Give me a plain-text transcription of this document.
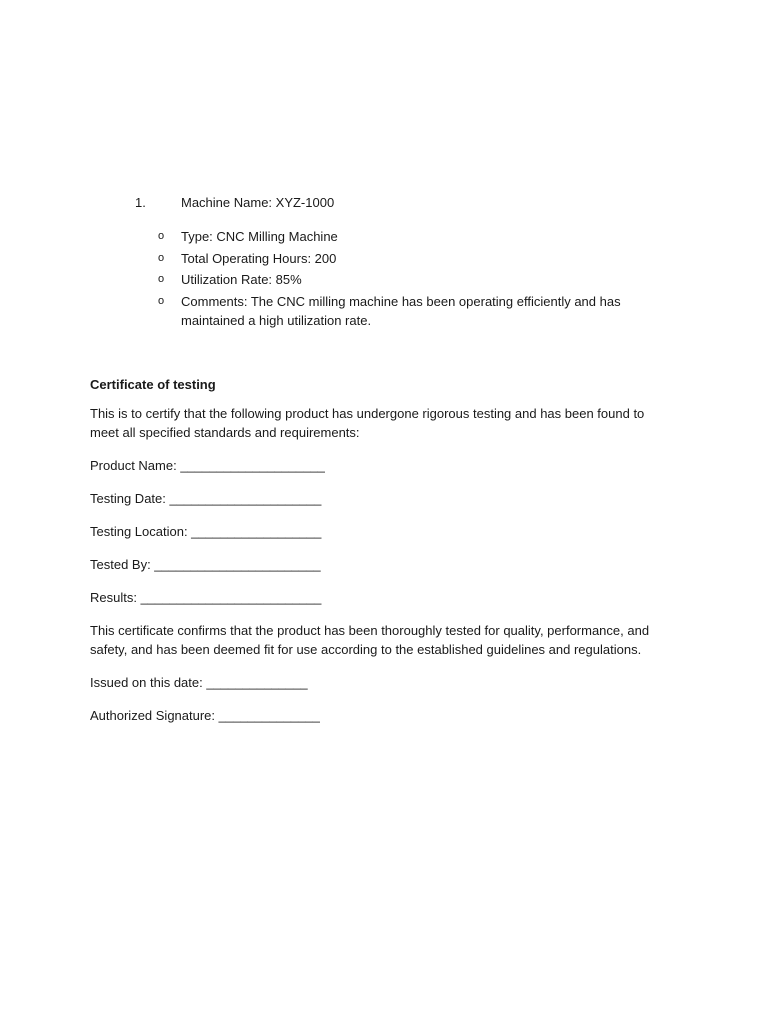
1.	Machine Name: XYZ-1000
o Type: CNC Milling Machine
o Total Operating Hours: 200
o Utilization Rate: 85%
o Comments: The CNC milling machine has been operating efficiently and has maintained a high utilization rate.
Certificate of testing
This is to certify that the following product has undergone rigorous testing and has been found to meet all specified standards and requirements:
Product Name: ____________________
Testing Date: _____________________
Testing Location: __________________
Tested By: _______________________
Results: _________________________
This certificate confirms that the product has been thoroughly tested for quality, performance, and safety, and has been deemed fit for use according to the established guidelines and regulations.
Issued on this date: ______________
Authorized Signature: ______________
